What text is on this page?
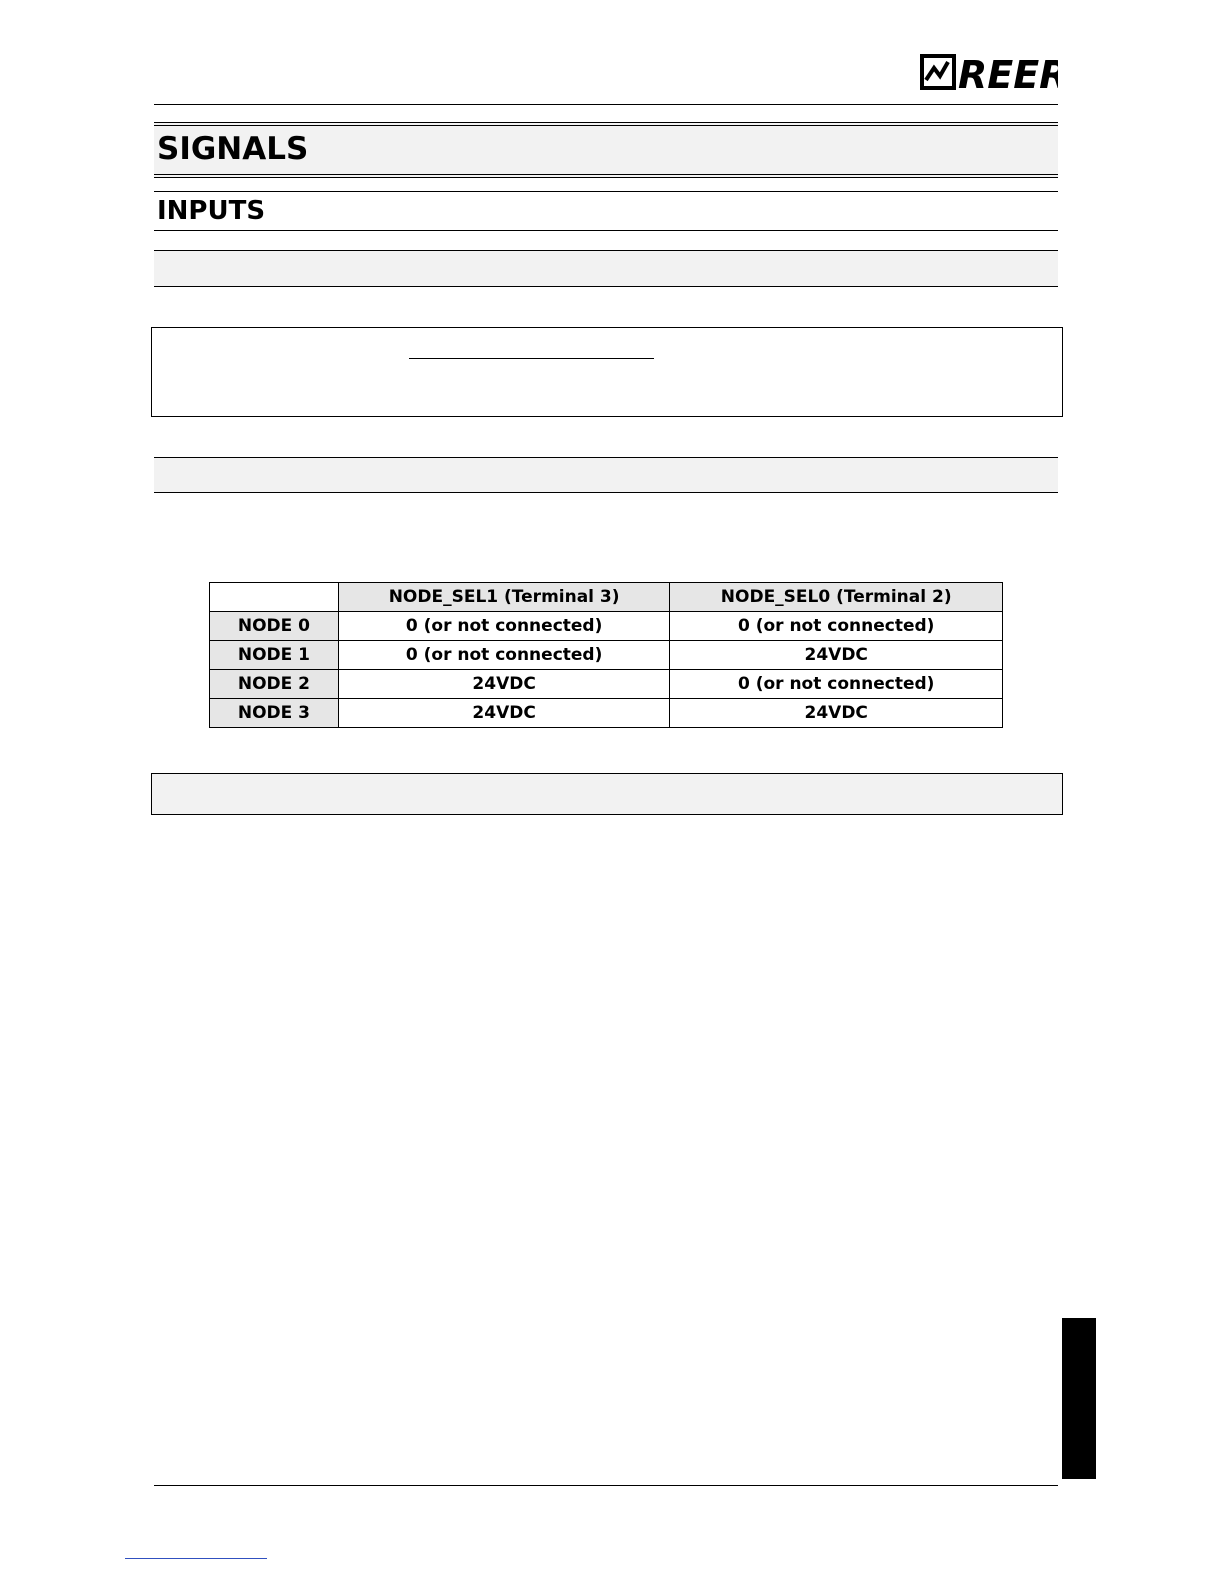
REER
SIGNALS
INPUTS
	NODE_SEL1 (Terminal 3)	NODE_SEL0 (Terminal 2)
NODE 0	0 (or not connected)	0 (or not connected)
NODE 1	0 (or not connected)	24VDC
NODE 2	24VDC	0 (or not connected)
NODE 3	24VDC	24VDC
